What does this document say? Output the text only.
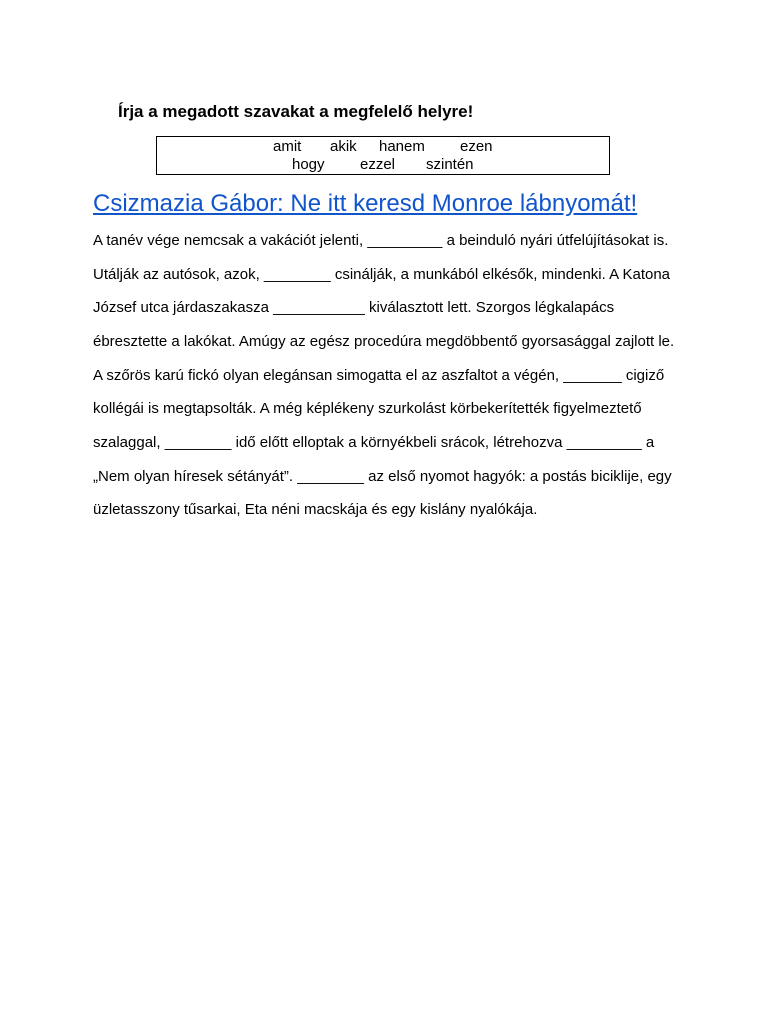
Írja a megadott szavakat a megfelelő helyre!
amit akik hanem ezen
hogy ezzel szintén
Csizmazia Gábor: Ne itt keresd Monroe lábnyomát!
A tanév vége nemcsak a vakációt jelenti, _________ a beinduló nyári útfelújításokat is.
Utálják az autósok, azok, ________ csinálják, a munkából elkésők, mindenki. A Katona
József utca járdaszakasza ___________ kiválasztott lett. Szorgos légkalapács
ébresztette a lakókat. Amúgy az egész procedúra megdöbbentő gyorsasággal zajlott le.
A szőrös karú fickó olyan elegánsan simogatta el az aszfaltot a végén, _______ cigiző
kollégái is megtapsolták. A még képlékeny szurkolást körbekerítették figyelmeztető
szalaggal, ________ idő előtt elloptak a környékbeli srácok, létrehozva _________ a
„Nem olyan híresek sétányát”. ________ az első nyomot hagyók: a postás biciklije, egy
üzletasszony tűsarkai, Eta néni macskája és egy kislány nyalókája.
